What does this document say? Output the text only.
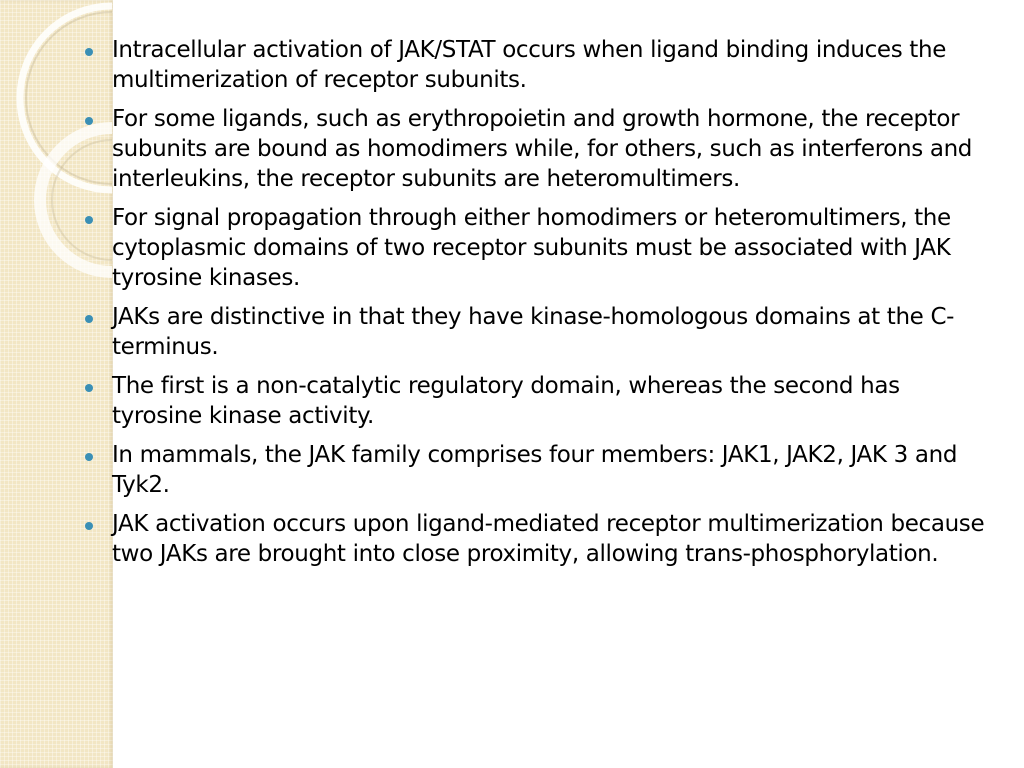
Intracellular activation of JAK/STAT occurs when ligand binding induces the multimerization of receptor subunits.
For some ligands, such as erythropoietin and growth hormone, the receptor subunits are bound as homodimers while, for others, such as interferons and interleukins, the receptor subunits are heteromultimers.
For signal propagation through either homodimers or heteromultimers, the cytoplasmic domains of two receptor subunits must be associated with JAK tyrosine kinases.
JAKs are distinctive in that they have kinase-homologous domains at the C-terminus.
The first is a non-catalytic regulatory domain, whereas the second has tyrosine kinase activity.
In mammals, the JAK family comprises four members: JAK1, JAK2, JAK 3 and Tyk2.
JAK activation occurs upon ligand-mediated receptor multimerization because two JAKs are brought into close proximity, allowing trans-phosphorylation.
